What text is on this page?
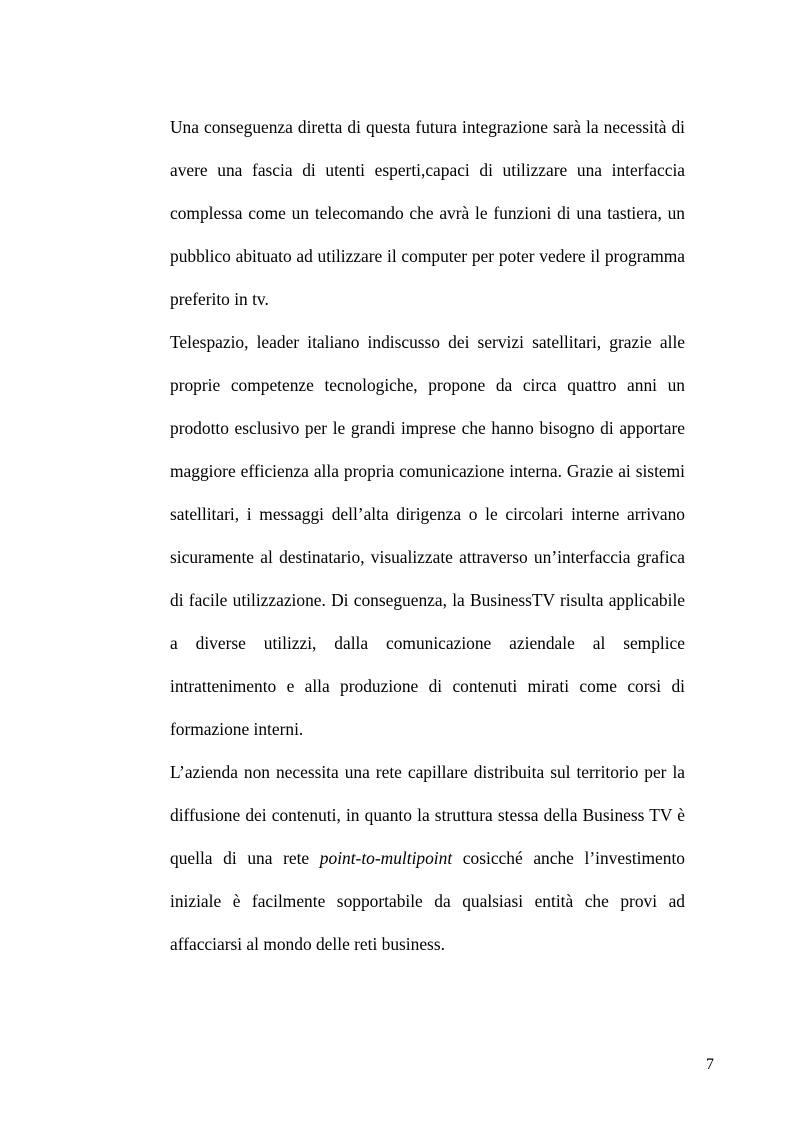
Una conseguenza diretta di questa futura integrazione sarà la necessità di avere una fascia di utenti esperti,capaci di utilizzare una interfaccia complessa come un telecomando che avrà le funzioni di una tastiera, un pubblico abituato ad utilizzare il computer per poter vedere il programma preferito in tv.

Telespazio, leader italiano indiscusso dei servizi satellitari, grazie alle proprie competenze tecnologiche, propone da circa quattro anni un prodotto esclusivo per le grandi imprese che hanno bisogno di apportare maggiore efficienza alla propria comunicazione interna. Grazie ai sistemi satellitari, i messaggi dell’alta dirigenza o le circolari interne arrivano sicuramente al destinatario, visualizzate attraverso un’interfaccia grafica di facile utilizzazione. Di conseguenza, la BusinessTV risulta applicabile a diverse utilizzi, dalla comunicazione aziendale al semplice intrattenimento e alla produzione di contenuti mirati come corsi di formazione interni.

L’azienda non necessita una rete capillare distribuita sul territorio per la diffusione dei contenuti, in quanto la struttura stessa della Business TV è quella di una rete point-to-multipoint cosicché anche l’investimento iniziale è facilmente sopportabile da qualsiasi entità che provi ad affacciarsi al mondo delle reti business.

7
